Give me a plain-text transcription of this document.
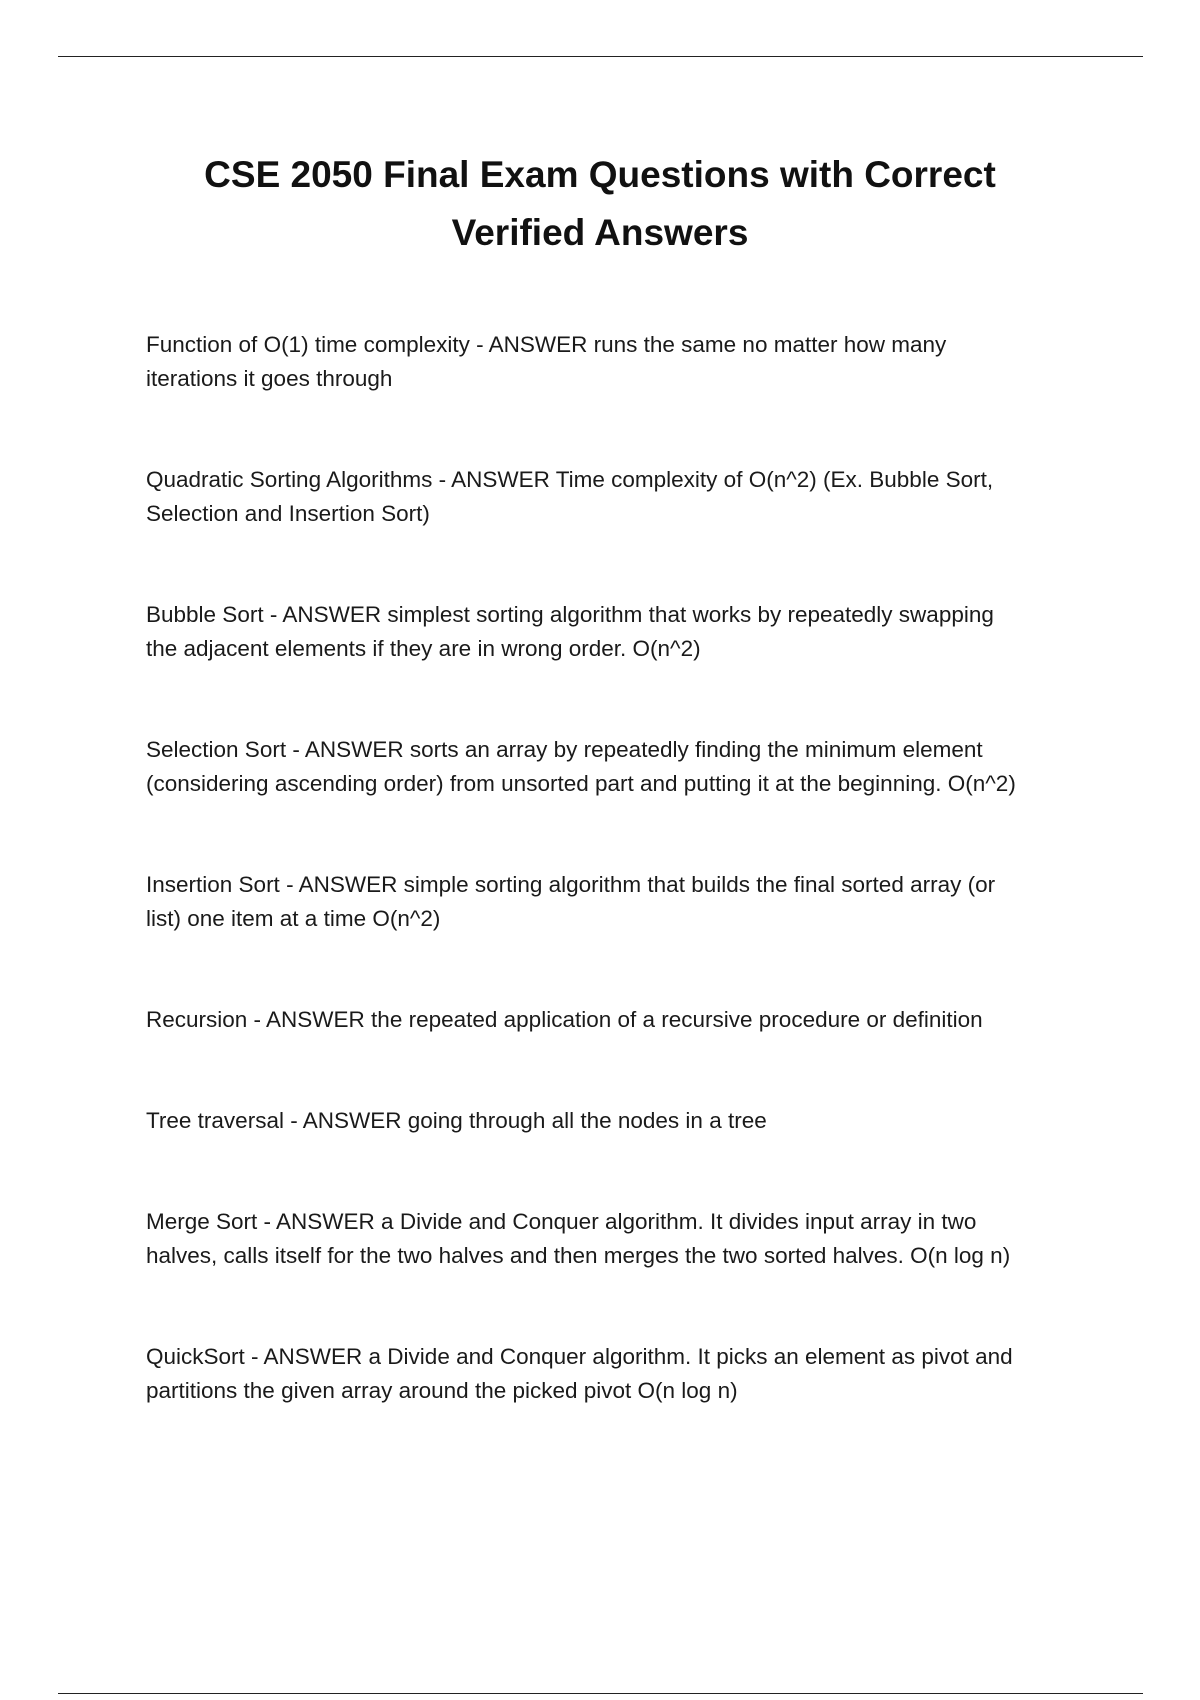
CSE 2050 Final Exam Questions with Correct
Verified Answers
Function of O(1) time complexity - ANSWER runs the same no matter how many
iterations it goes through
Quadratic Sorting Algorithms - ANSWER Time complexity of O(n^2) (Ex. Bubble Sort,
Selection and Insertion Sort)
Bubble Sort - ANSWER simplest sorting algorithm that works by repeatedly swapping
the adjacent elements if they are in wrong order. O(n^2)
Selection Sort - ANSWER sorts an array by repeatedly finding the minimum element
(considering ascending order) from unsorted part and putting it at the beginning. O(n^2)
Insertion Sort - ANSWER simple sorting algorithm that builds the final sorted array (or
list) one item at a time O(n^2)
Recursion - ANSWER the repeated application of a recursive procedure or definition
Tree traversal - ANSWER going through all the nodes in a tree
Merge Sort - ANSWER a Divide and Conquer algorithm. It divides input array in two
halves, calls itself for the two halves and then merges the two sorted halves. O(n log n)
QuickSort - ANSWER a Divide and Conquer algorithm. It picks an element as pivot and
partitions the given array around the picked pivot O(n log n)
